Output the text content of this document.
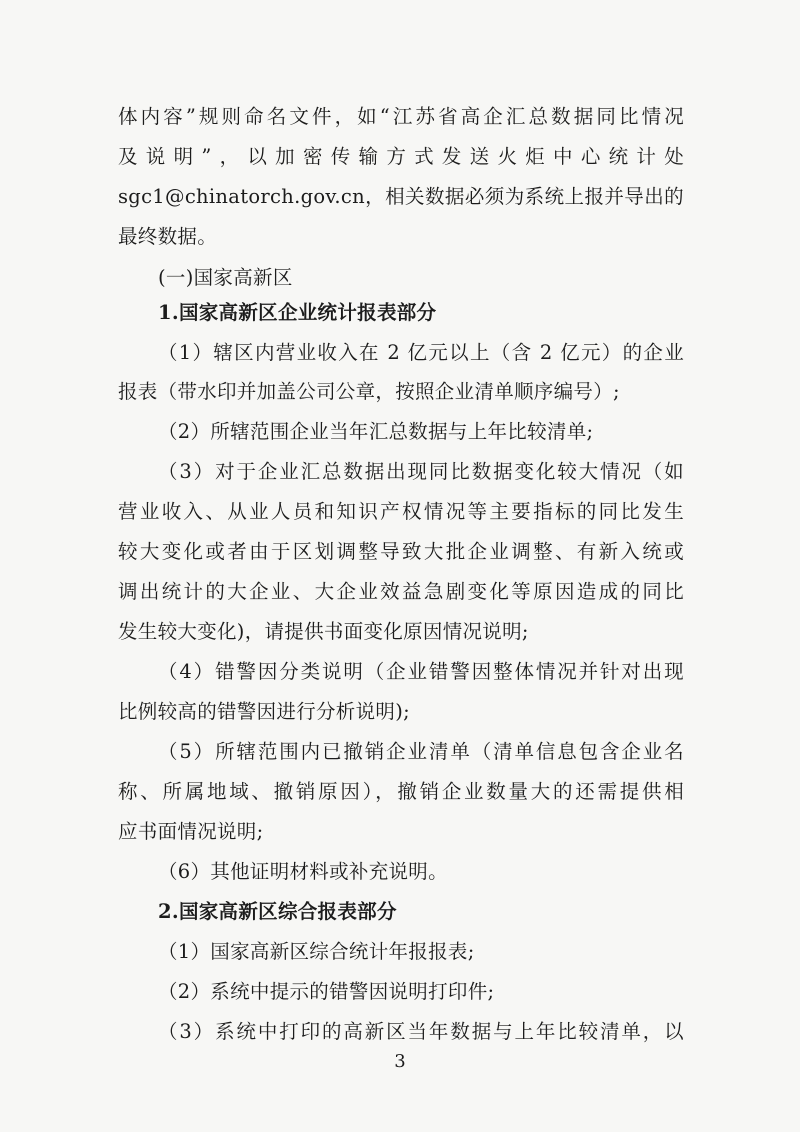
体内容”规则命名文件，如“江苏省高企汇总数据同比情况
及说明”，以加密传输方式发送火炬中心统计处
sgc1@chinatorch.gov.cn，相关数据必须为系统上报并导出的
最终数据。
(一)国家高新区
1.国家高新区企业统计报表部分
（1）辖区内营业收入在 2 亿元以上（含 2 亿元）的企业
报表（带水印并加盖公司公章，按照企业清单顺序编号）;
（2）所辖范围企业当年汇总数据与上年比较清单;
（3）对于企业汇总数据出现同比数据变化较大情况（如
营业收入、从业人员和知识产权情况等主要指标的同比发生
较大变化或者由于区划调整导致大批企业调整、有新入统或
调出统计的大企业、大企业效益急剧变化等原因造成的同比
发生较大变化)，请提供书面变化原因情况说明;
（4）错警因分类说明（企业错警因整体情况并针对出现
比例较高的错警因进行分析说明);
（5）所辖范围内已撤销企业清单（清单信息包含企业名
称、所属地域、撤销原因），撤销企业数量大的还需提供相
应书面情况说明;
（6）其他证明材料或补充说明。
2.国家高新区综合报表部分
（1）国家高新区综合统计年报报表;
（2）系统中提示的错警因说明打印件;
（3）系统中打印的高新区当年数据与上年比较清单，以
3
